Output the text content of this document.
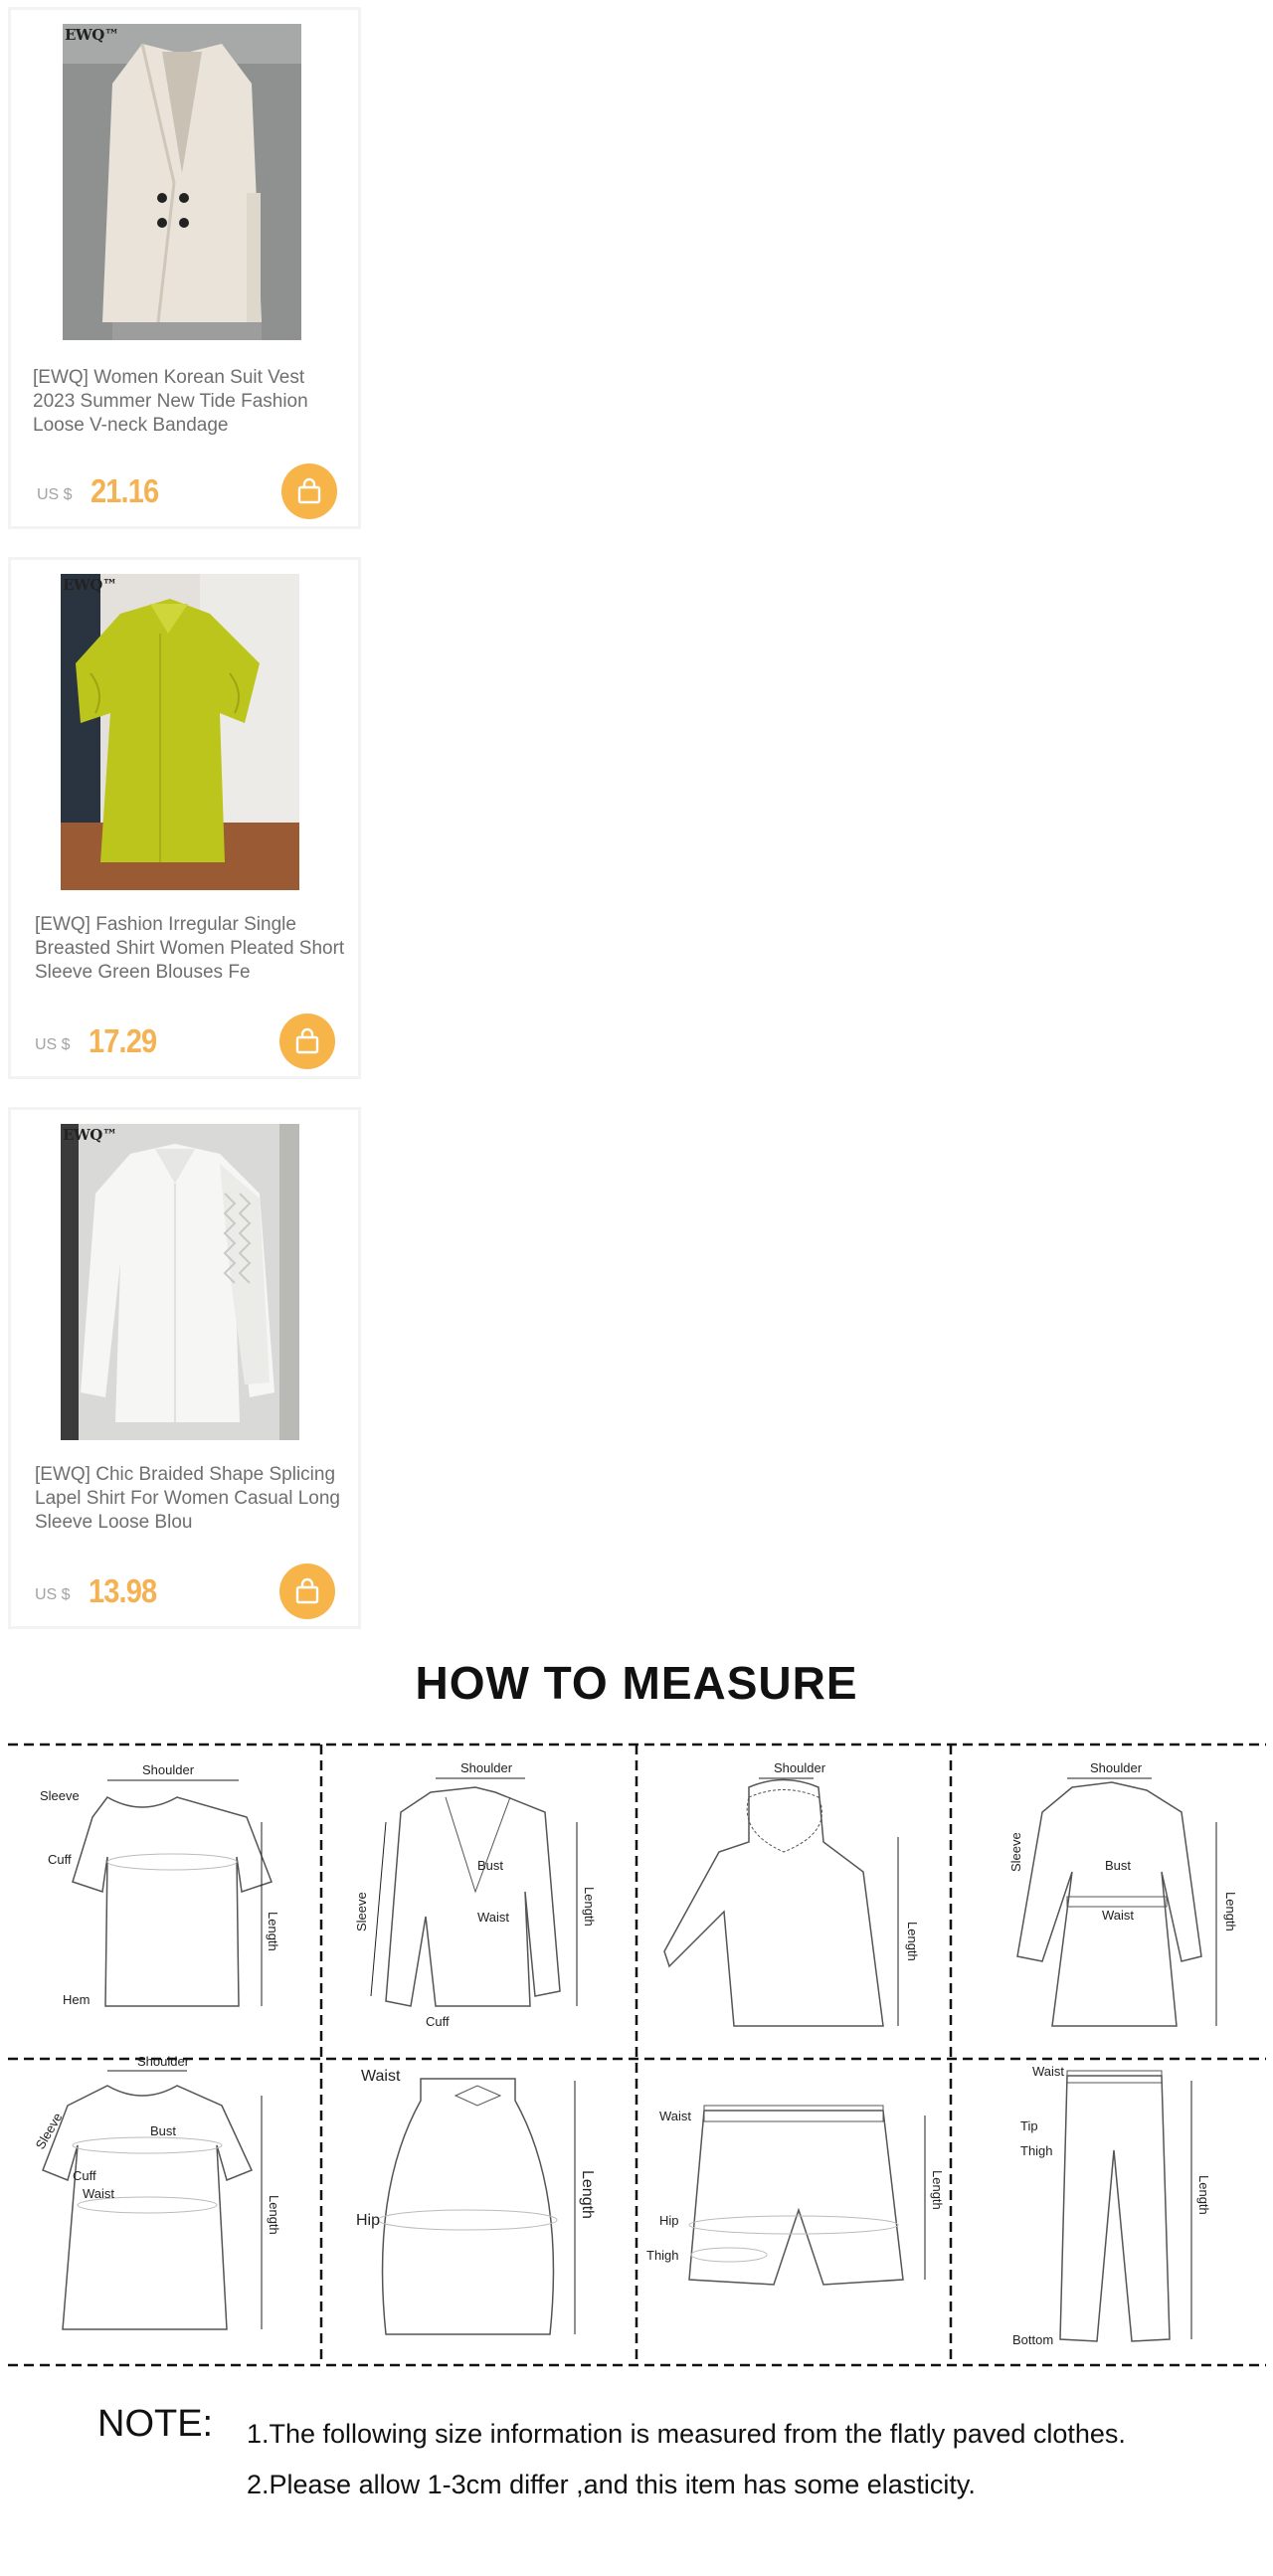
EWQ™
[EWQ] Women Korean Suit Vest 2023 Summer New Tide Fashion Loose V-neck Bandage
US $ 21.16
EWQ™
[EWQ] Fashion Irregular Single Breasted Shirt Women Pleated Short Sleeve Green Blouses Fe
US $ 17.29
EWQ™
[EWQ] Chic Braided Shape Splicing Lapel Shirt For Women Casual Long Sleeve Loose Blou
US $ 13.98
HOW TO MEASURE
Shoulder
Sleeve
Cuff
Length
Hem
Shoulder
Bust
Waist
Sleeve	Length
Cuff
Shoulder
Length
Shoulder
Sleeve	Bust
Waist	Length
Shoulder
Sleeve	Bust
Cuff
Waist
Length
Waist
Hip
Length
Waist
Hip
Thigh
Length
Waist
Tip
Thigh
Length
Bottom
NOTE: 1.The following size information is measured from the flatly paved clothes.
2.Please allow 1-3cm differ ,and this item has some elasticity.
